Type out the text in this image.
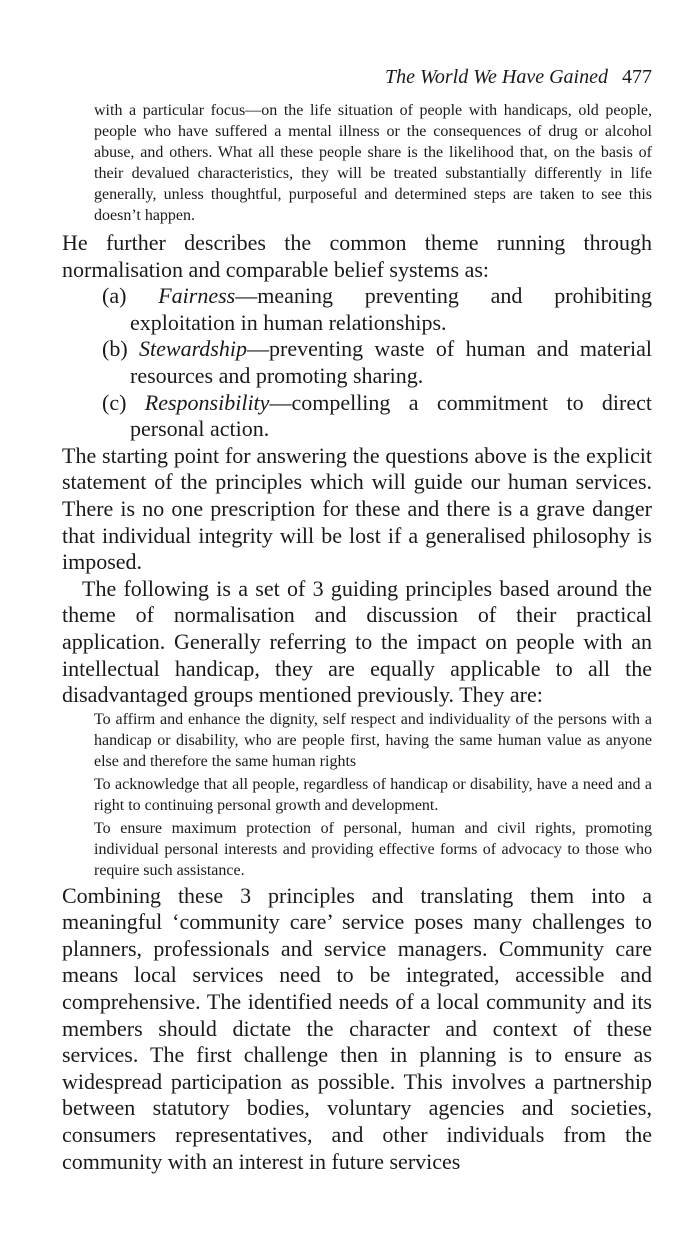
The World We Have Gained 477

with a particular focus—on the life situation of people with handicaps, old people, people who have suffered a mental illness or the consequences of drug or alcohol abuse, and others. What all these people share is the likelihood that, on the basis of their devalued characteristics, they will be treated substantially differently in life generally, unless thoughtful, purposeful and determined steps are taken to see this doesn’t happen.

He further describes the common theme running through normalisation and comparable belief systems as:

(a) Fairness—meaning preventing and prohibiting exploitation in human relationships.

(b) Stewardship—preventing waste of human and material resources and promoting sharing.

(c) Responsibility—compelling a commitment to direct personal action.

The starting point for answering the questions above is the explicit statement of the principles which will guide our human services. There is no one prescription for these and there is a grave danger that individual integrity will be lost if a generalised philosophy is imposed.

The following is a set of 3 guiding principles based around the theme of normalisation and discussion of their practical application. Generally referring to the impact on people with an intellectual handicap, they are equally applicable to all the disadvantaged groups mentioned previously. They are:

To affirm and enhance the dignity, self respect and individuality of the persons with a handicap or disability, who are people first, having the same human value as anyone else and therefore the same human rights

To acknowledge that all people, regardless of handicap or disability, have a need and a right to continuing personal growth and development.

To ensure maximum protection of personal, human and civil rights, promoting individual personal interests and providing effective forms of advocacy to those who require such assistance.

Combining these 3 principles and translating them into a meaningful ‘community care’ service poses many challenges to planners, professionals and service managers. Community care means local services need to be integrated, accessible and comprehensive. The identified needs of a local community and its members should dictate the character and context of these services. The first challenge then in planning is to ensure as widespread participation as possible. This involves a partnership between statutory bodies, voluntary agencies and societies, consumers representatives, and other individuals from the community with an interest in future services
